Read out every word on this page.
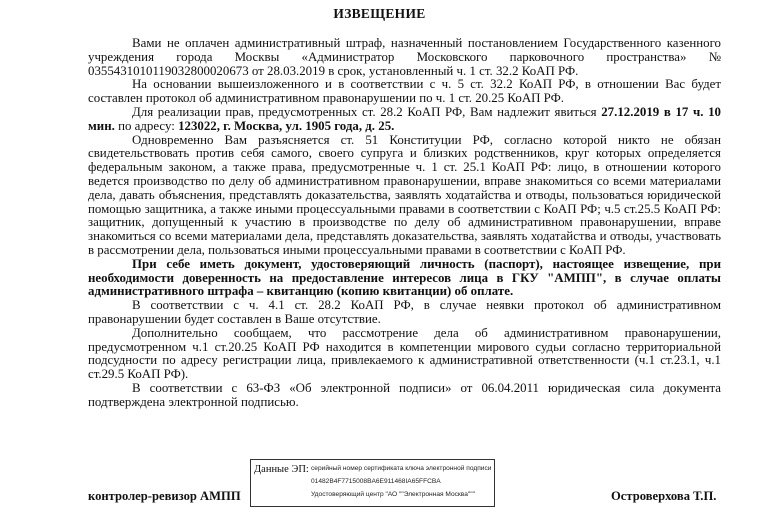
ИЗВЕЩЕНИЕ

Вами не оплачен административный штраф, назначенный постановлением Государственного казенного учреждения города Москвы «Администратор Московского парковочного пространства» № 0355431010119032800020673 от 28.03.2019 в срок, установленный ч. 1 ст. 32.2 КоАП РФ.

На основании вышеизложенного и в соответствии с ч. 5 ст. 32.2 КоАП РФ, в отношении Вас будет составлен протокол об административном правонарушении по ч. 1 ст. 20.25 КоАП РФ.

Для реализации прав, предусмотренных ст. 28.2 КоАП РФ, Вам надлежит явиться 27.12.2019 в 17 ч. 10 мин. по адресу: 123022, г. Москва, ул. 1905 года, д. 25.

Одновременно Вам разъясняется ст. 51 Конституции РФ, согласно которой никто не обязан свидетельствовать против себя самого, своего супруга и близких родственников, круг которых определяется федеральным законом, а также права, предусмотренные ч. 1 ст. 25.1 КоАП РФ: лицо, в отношении которого ведется производство по делу об административном правонарушении, вправе знакомиться со всеми материалами дела, давать объяснения, представлять доказательства, заявлять ходатайства и отводы, пользоваться юридической помощью защитника, а также иными процессуальными правами в соответствии с КоАП РФ; ч.5 ст.25.5 КоАП РФ: защитник, допущенный к участию в производстве по делу об административном правонарушении, вправе знакомиться со всеми материалами дела, представлять доказательства, заявлять ходатайства и отводы, участвовать в рассмотрении дела, пользоваться иными процессуальными правами в соответствии с КоАП РФ.

При себе иметь документ, удостоверяющий личность (паспорт), настоящее извещение, при необходимости доверенность на предоставление интересов лица в ГКУ "АМПП", в случае оплаты административного штрафа – квитанцию (копию квитанции) об оплате.

В соответствии с ч. 4.1 ст. 28.2 КоАП РФ, в случае неявки протокол об административном правонарушении будет составлен в Ваше отсутствие.

Дополнительно сообщаем, что рассмотрение дела об административном правонарушении, предусмотренном ч.1 ст.20.25 КоАП РФ находится в компетенции мирового судьи согласно территориальной подсудности по адресу регистрации лица, привлекаемого к административной ответственности (ч.1 ст.23.1, ч.1 ст.29.5 КоАП РФ).

В соответствии с 63-ФЗ «Об электронной подписи» от 06.04.2011 юридическая сила документа подтверждена электронной подписью.

контролер-ревизор АМПП
Данные ЭП: серийный номер сертификата ключа электронной подписи
01482B4F7715008BA6E911468IA65FFCBA
Удостоверяющий центр "АО ""Электронная Москва"""	Островерхова Т.П.
